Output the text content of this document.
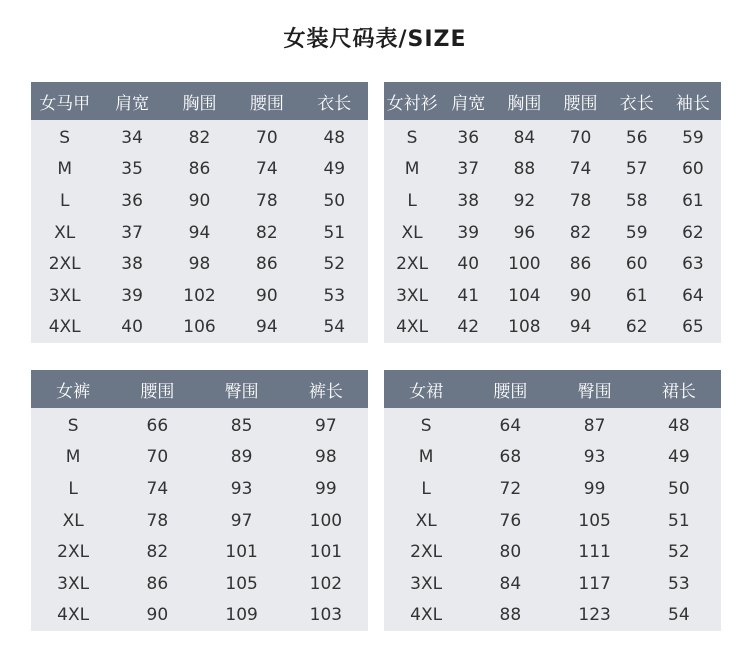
女装尺码表/SIZE
女马甲	肩宽	胸围	腰围	衣长
S	34	82	70	48
M	35	86	74	49
L	36	90	78	50
XL	37	94	82	51
2XL	38	98	86	52
3XL	39	102	90	53
4XL	40	106	94	54
女衬衫	肩宽	胸围	腰围	衣长	袖长
S	36	84	70	56	59
M	37	88	74	57	60
L	38	92	78	58	61
XL	39	96	82	59	62
2XL	40	100	86	60	63
3XL	41	104	90	61	64
4XL	42	108	94	62	65
女裤	腰围	臀围	裤长
S	66	85	97
M	70	89	98
L	74	93	99
XL	78	97	100
2XL	82	101	101
3XL	86	105	102
4XL	90	109	103
女裙	腰围	臀围	裙长
S	64	87	48
M	68	93	49
L	72	99	50
XL	76	105	51
2XL	80	111	52
3XL	84	117	53
4XL	88	123	54
